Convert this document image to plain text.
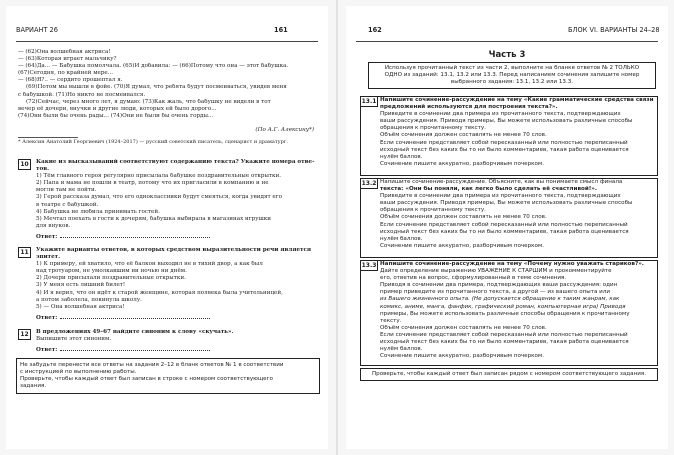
ВАРИАНТ 26	161
— (62)Она волшебная актриса!
— (63)Которая играет мальчику?
— (64)Да... — Бабушка помолчала. (65)И добавила: — (66)Потому что она — этот бабушка.
(67)Сегодня, по крайней мере...
— (68)Я?.. — сердито прошептал я.
(69)Потом мы вышли в фойе. (70)Я думал, что ребята будут посмеиваться, увидев меня
с бабушкой. (71)Но никто не посмеивался.
(72)Сейчас, через много лет, я думаю: (73)Как жаль, что бабушку не видели в тот
вечер её дочери, внучки и другие люди, которых ей было дорого...
(74)Они были бы очень рады... (74)Они не были бы очень горды...
(По А.Г. Алексину*)
* Алексин Анатолий Георгиевич (1924–2017) — русский советский писатель, сценарист и драматург.
10	Какие из высказываний соответствуют содержанию текста? Укажите номера отве-
тов.
1) Тём главного героя регулярно присылала бабушке поздравительные открытки.
2) Папа и мама не пошли в театр, потому что их пригласили в компанию и не
могли там не пойти.
3) Герой рассказа думал, что его одноклассники будут смеяться, когда увидят его
в театре с бабушкой.
4) Бабушка не любила принимать гостей.
5) Мечтал поехать в гости к дочерям, бабушка выбирала в магазинах игрушки
для внуков.
Ответ:
11	Укажите варианты ответов, в которых средством выразительности речи является
эпитет.
1) К примеру, ей хватило, что её балкон выходил не в тихий двор, а как был
над тротуаром, не умолкавшим ни ночью ни днём.
2) Дочери присылали поздравительные открытки.
3) У меня есть лишний билет!
4) И я верил, что он идёт к старой женщине, которая полвека была учительницей,
а потом заболела, покинула школу.
5) — Она волшебная актриса!
Ответ:
12	В предложениях 49–67 найдите синоним к слову «скучать».
Выпишите этот синоним.
Ответ:
Не забудьте перенести все ответы на задания 2–12 в бланк ответов № 1 в соответствии
с инструкцией по выполнению работы.
Проверьте, чтобы каждый ответ был записан в строке с номером соответствующего
задания.
162	БЛОК VI. ВАРИАНТЫ 24–28
Часть 3
Используя прочитанный текст из части 2, выполните на бланке ответов № 2 ТОЛЬКО
ОДНО из заданий: 13.1, 13.2 или 13.3. Перед написанием сочинения запишите номер
выбранного задания: 13.1, 13.2 или 13.3.
13.1 Напишите сочинение-рассуждение на тему «Какие грамматические средства связи
предложений используются для построения текста?».
Приведите в сочинении два примера из прочитанного текста, подтверждающих
ваши рассуждения. Приводя примеры, Вы можете использовать различные способы
обращения к прочитанному тексту.
Объём сочинения должен составлять не менее 70 слов.
Если сочинение представляет собой пересказанный или полностью переписанный
исходный текст без каких бы то ни было комментариев, такая работа оценивается
нулём баллов.
Сочинение пишите аккуратно, разборчивым почерком.
13.2 Напишите сочинение-рассуждение. Объясните, как вы понимаете смысл финала
текста: «Они бы поняли, как легко было сделать её счастливой!».
Приведите в сочинении два примера из прочитанного текста, подтверждающих
ваши рассуждения. Приводя примеры, Вы можете использовать различные способы
обращения к прочитанному тексту.
Объём сочинения должен составлять не менее 70 слов.
Если сочинение представляет собой пересказанный или полностью переписанный
исходный текст без каких бы то ни было комментариев, такая работа оценивается
нулём баллов.
Сочинение пишите аккуратно, разборчивым почерком.
13.3 Напишите сочинение-рассуждение на тему «Почему нужно уважать стариков?».
Дайте определение выражению УВАЖЕНИЕ К СТАРШИМ и прокомментируйте
его, ответив на вопрос, сформулированный в теме сочинения.
Приводя в сочинении два примера, подтверждающих ваши рассуждения: один
пример приведите из прочитанного текста, а другой — из вашего опыта или
из Вашего жизненного опыта. (Не допускается обращение к таким жанрам, как
комикс, аниме, манга, фанфик, графический роман, компьютерная игра) Приводя
примеры, Вы можете использовать различные способы обращения к прочитанному
тексту.
Объём сочинения должен составлять не менее 70 слов.
Если сочинение представляет собой пересказанный или полностью переписанный
исходный текст без каких бы то ни было комментариев, такая работа оценивается
нулём баллов.
Сочинение пишите аккуратно, разборчивым почерком.
Проверьте, чтобы каждый ответ был записан рядом с номером соответствующего задания.
